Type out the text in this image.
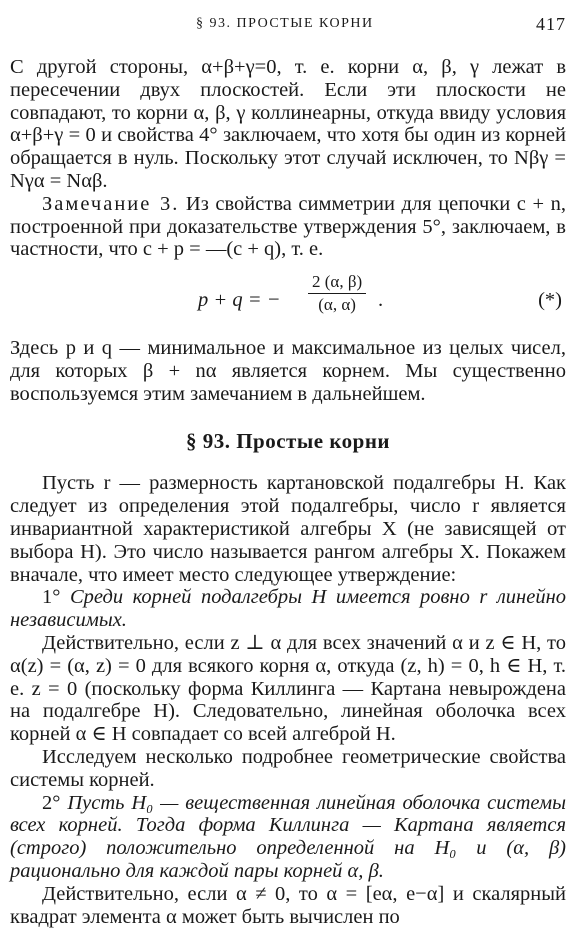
§ 93. ПРОСТЫЕ КОРНИ	417

С другой стороны, α+β+γ=0, т. е. корни α, β, γ лежат в пересечении двух плоскостей. Если эти плоскости не совпадают, то корни α, β, γ коллинеарны, откуда ввиду условия α+β+γ = 0 и свойства 4° заключаем, что хотя бы один из корней обращается в нуль. Поскольку этот случай исключен, то Nβγ = Nγα = Nαβ.

Замечание 3. Из свойства симметрии для цепочки c + n, построенной при доказательстве утверждения 5°, заключаем, в частности, что c + p = —(c + q), т. е.

p + q = − $\frac{2 (\alpha, \beta)}{(\alpha, \alpha)}$ .	(*)

Здесь p и q — минимальное и максимальное из целых чисел, для которых β + nα является корнем. Мы существенно воспользуемся этим замечанием в дальнейшем.

§ 93. Простые корни

Пусть r — размерность картановской подалгебры H. Как следует из определения этой подалгебры, число r является инвариантной характеристикой алгебры X (не зависящей от выбора H). Это число называется рангом алгебры X. Покажем вначале, что имеет место следующее утверждение:

1° Среди корней подалгебры H имеется ровно r линейно независимых.

Действительно, если z ⊥ α для всех значений α и z ∈ H, то α(z) = (α, z) = 0 для всякого корня α, откуда (z, h) = 0, h ∈ H, т. е. z = 0 (поскольку форма Киллинга — Картана невырождена на подалгебре H). Следовательно, линейная оболочка всех корней α ∈ H совпадает со всей алгеброй H.

Исследуем несколько подробнее геометрические свойства системы корней.

2° Пусть H₀ — вещественная линейная оболочка системы всех корней. Тогда форма Киллинга — Картана является (строго) положительно определенной на H₀ и (α, β) рационально для каждой пары корней α, β.

Действительно, если α ≠ 0, то α = [eα, e−α] и скалярный квадрат элемента α может быть вычислен по
